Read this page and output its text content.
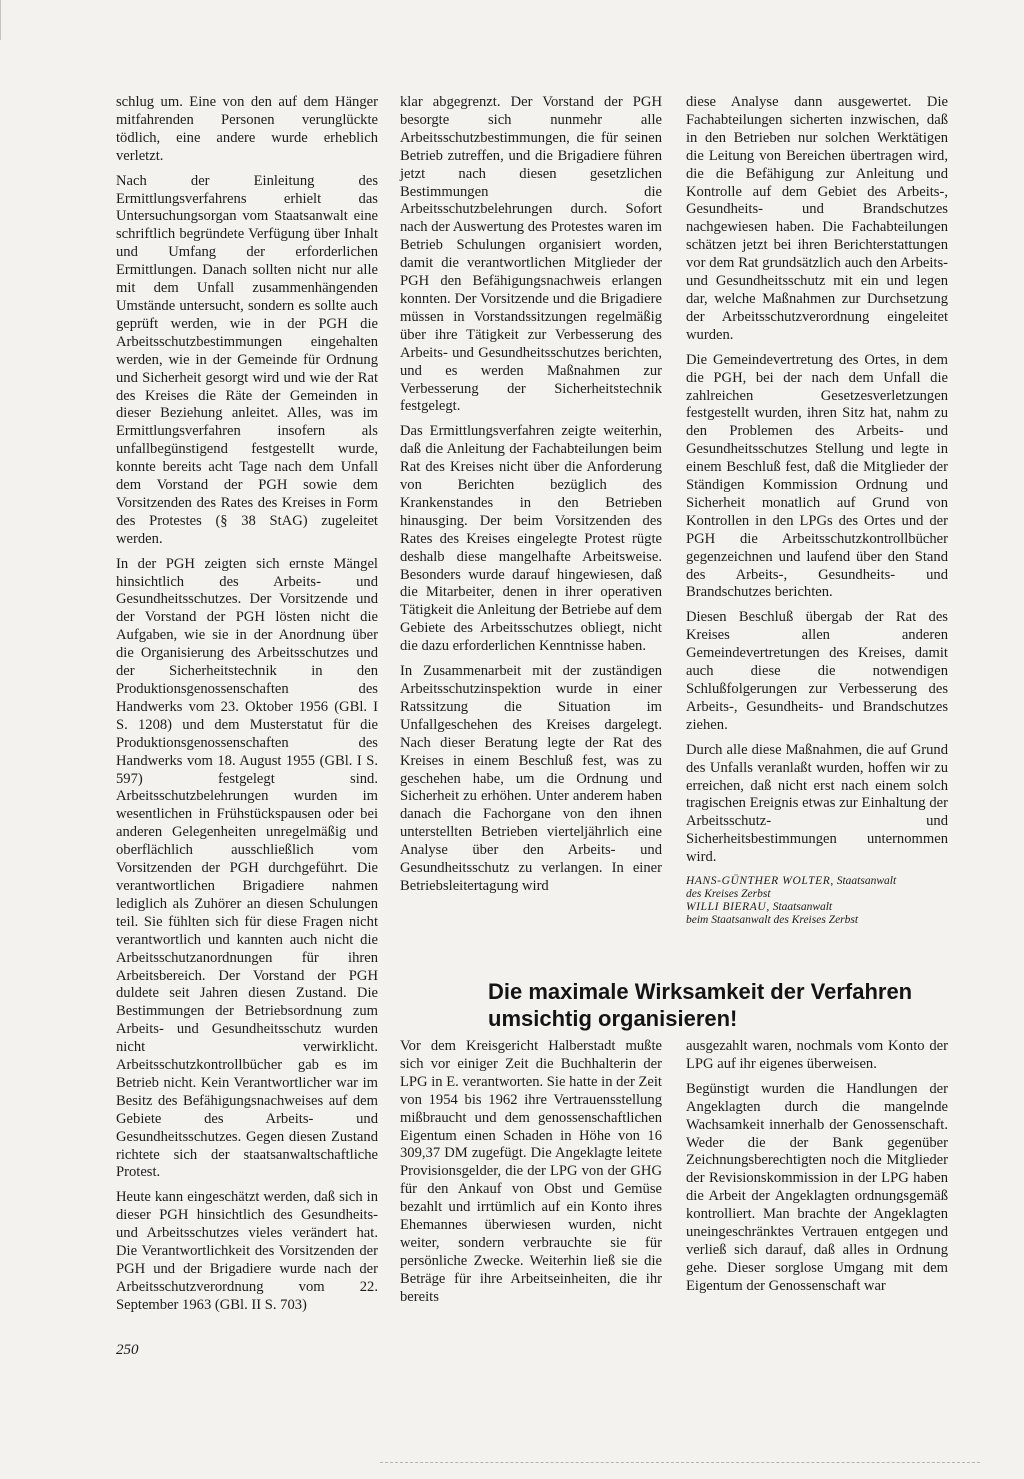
schlug um. Eine von den auf dem Hänger mitfahrenden Personen verunglückte tödlich, eine andere wurde erheblich verletzt.

Nach der Einleitung des Ermittlungsverfahrens erhielt das Untersuchungsorgan vom Staatsanwalt eine schriftlich begründete Verfügung über Inhalt und Umfang der erforderlichen Ermittlungen. Danach sollten nicht nur alle mit dem Unfall zusammenhängenden Umstände untersucht, sondern es sollte auch geprüft werden, wie in der PGH die Arbeitsschutzbestimmungen eingehalten werden, wie in der Gemeinde für Ordnung und Sicherheit gesorgt wird und wie der Rat des Kreises die Räte der Gemeinden in dieser Beziehung anleitet. Alles, was im Ermittlungsverfahren insofern als unfallbegünstigend festgestellt wurde, konnte bereits acht Tage nach dem Unfall dem Vorstand der PGH sowie dem Vorsitzenden des Rates des Kreises in Form des Protestes (§ 38 StAG) zugeleitet werden.

In der PGH zeigten sich ernste Mängel hinsichtlich des Arbeits- und Gesundheitsschutzes. Der Vorsitzende und der Vorstand der PGH lösten nicht die Aufgaben, wie sie in der Anordnung über die Organisierung des Arbeitsschutzes und der Sicherheitstechnik in den Produktionsgenossenschaften des Handwerks vom 23. Oktober 1956 (GBl. I S. 1208) und dem Musterstatut für die Produktionsgenossenschaften des Handwerks vom 18. August 1955 (GBl. I S. 597) festgelegt sind. Arbeitsschutzbelehrungen wurden im wesentlichen in Frühstückspausen oder bei anderen Gelegenheiten unregelmäßig und oberflächlich ausschließlich vom Vorsitzenden der PGH durchgeführt. Die verantwortlichen Brigadiere nahmen lediglich als Zuhörer an diesen Schulungen teil. Sie fühlten sich für diese Fragen nicht verantwortlich und kannten auch nicht die Arbeitsschutzanordnungen für ihren Arbeitsbereich. Der Vorstand der PGH duldete seit Jahren diesen Zustand. Die Bestimmungen der Betriebsordnung zum Arbeits- und Gesundheitsschutz wurden nicht verwirklicht. Arbeitsschutzkontrollbücher gab es im Betrieb nicht. Kein Verantwortlicher war im Besitz des Befähigungsnachweises auf dem Gebiete des Arbeits- und Gesundheitsschutzes. Gegen diesen Zustand richtete sich der staatsanwaltschaftliche Protest.

Heute kann eingeschätzt werden, daß sich in dieser PGH hinsichtlich des Gesundheits- und Arbeitsschutzes vieles verändert hat. Die Verantwortlichkeit des Vorsitzenden der PGH und der Brigadiere wurde nach der Arbeitsschutzverordnung vom 22. September 1963 (GBl. II S. 703)

klar abgegrenzt. Der Vorstand der PGH besorgte sich nunmehr alle Arbeitsschutzbestimmungen, die für seinen Betrieb zutreffen, und die Brigadiere führen jetzt nach diesen gesetzlichen Bestimmungen die Arbeitsschutzbelehrungen durch. Sofort nach der Auswertung des Protestes waren im Betrieb Schulungen organisiert worden, damit die verantwortlichen Mitglieder der PGH den Befähigungsnachweis erlangen konnten. Der Vorsitzende und die Brigadiere müssen in Vorstandssitzungen regelmäßig über ihre Tätigkeit zur Verbesserung des Arbeits- und Gesundheitsschutzes berichten, und es werden Maßnahmen zur Verbesserung der Sicherheitstechnik festgelegt.

Das Ermittlungsverfahren zeigte weiterhin, daß die Anleitung der Fachabteilungen beim Rat des Kreises nicht über die Anforderung von Berichten bezüglich des Krankenstandes in den Betrieben hinausging. Der beim Vorsitzenden des Rates des Kreises eingelegte Protest rügte deshalb diese mangelhafte Arbeitsweise. Besonders wurde darauf hingewiesen, daß die Mitarbeiter, denen in ihrer operativen Tätigkeit die Anleitung der Betriebe auf dem Gebiete des Arbeitsschutzes obliegt, nicht die dazu erforderlichen Kenntnisse haben.

In Zusammenarbeit mit der zuständigen Arbeitsschutzinspektion wurde in einer Ratssitzung die Situation im Unfallgeschehen des Kreises dargelegt. Nach dieser Beratung legte der Rat des Kreises in einem Beschluß fest, was zu geschehen habe, um die Ordnung und Sicherheit zu erhöhen. Unter anderem haben danach die Fachorgane von den ihnen unterstellten Betrieben vierteljährlich eine Analyse über den Arbeits- und Gesundheitsschutz zu verlangen. In einer Betriebsleitertagung wird

diese Analyse dann ausgewertet. Die Fachabteilungen sicherten inzwischen, daß in den Betrieben nur solchen Werktätigen die Leitung von Bereichen übertragen wird, die die Befähigung zur Anleitung und Kontrolle auf dem Gebiet des Arbeits-, Gesundheits- und Brandschutzes nachgewiesen haben. Die Fachabteilungen schätzen jetzt bei ihren Berichterstattungen vor dem Rat grundsätzlich auch den Arbeits- und Gesundheitsschutz mit ein und legen dar, welche Maßnahmen zur Durchsetzung der Arbeitsschutzverordnung eingeleitet wurden.

Die Gemeindevertretung des Ortes, in dem die PGH, bei der nach dem Unfall die zahlreichen Gesetzesverletzungen festgestellt wurden, ihren Sitz hat, nahm zu den Problemen des Arbeits- und Gesundheitsschutzes Stellung und legte in einem Beschluß fest, daß die Mitglieder der Ständigen Kommission Ordnung und Sicherheit monatlich auf Grund von Kontrollen in den LPGs des Ortes und der PGH die Arbeitsschutzkontrollbücher gegenzeichnen und laufend über den Stand des Arbeits-, Gesundheits- und Brandschutzes berichten.

Diesen Beschluß übergab der Rat des Kreises allen anderen Gemeindevertretungen des Kreises, damit auch diese die notwendigen Schlußfolgerungen zur Verbesserung des Arbeits-, Gesundheits- und Brandschutzes ziehen.

Durch alle diese Maßnahmen, die auf Grund des Unfalls veranlaßt wurden, hoffen wir zu erreichen, daß nicht erst nach einem solch tragischen Ereignis etwas zur Einhaltung der Arbeitsschutz- und Sicherheitsbestimmungen unternommen wird.

HANS-GÜNTHER WOLTER, Staatsanwalt
des Kreises Zerbst
WILLI BIERAU, Staatsanwalt
beim Staatsanwalt des Kreises Zerbst
Die maximale Wirksamkeit der Verfahren umsichtig organisieren!

Vor dem Kreisgericht Halberstadt mußte sich vor einiger Zeit die Buchhalterin der LPG in E. verantworten. Sie hatte in der Zeit von 1954 bis 1962 ihre Vertrauensstellung mißbraucht und dem genossenschaftlichen Eigentum einen Schaden in Höhe von 16 309,37 DM zugefügt. Die Angeklagte leitete Provisionsgelder, die der LPG von der GHG für den Ankauf von Obst und Gemüse bezahlt und irrtümlich auf ein Konto ihres Ehemannes überwiesen wurden, nicht weiter, sondern verbrauchte sie für persönliche Zwecke. Weiterhin ließ sie die Beträge für ihre Arbeitseinheiten, die ihr bereits

ausgezahlt waren, nochmals vom Konto der LPG auf ihr eigenes überweisen.

Begünstigt wurden die Handlungen der Angeklagten durch die mangelnde Wachsamkeit innerhalb der Genossenschaft. Weder die der Bank gegenüber Zeichnungsberechtigten noch die Mitglieder der Revisionskommission in der LPG haben die Arbeit der Angeklagten ordnungsgemäß kontrolliert. Man brachte der Angeklagten uneingeschränktes Vertrauen entgegen und verließ sich darauf, daß alles in Ordnung gehe. Dieser sorglose Umgang mit dem Eigentum der Genossenschaft war

250
